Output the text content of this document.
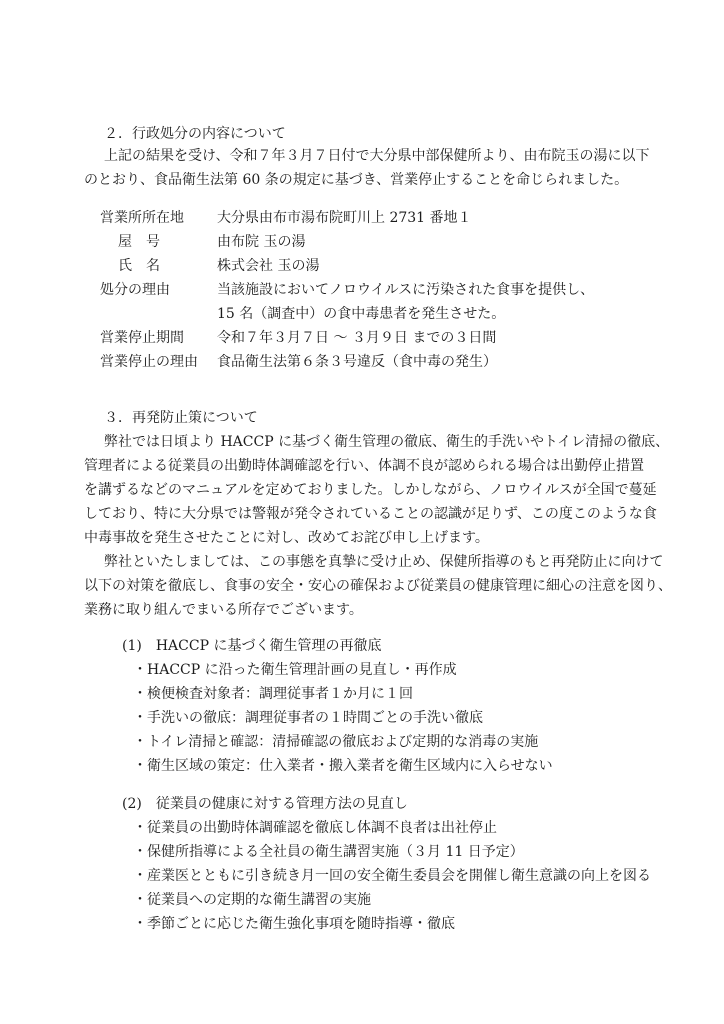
２．行政処分の内容について
上記の結果を受け、令和７年３月７日付で大分県中部保健所より、由布院玉の湯に以下
のとおり、食品衛生法第 60 条の規定に基づき、営業停止することを命じられました。
営業所所在地 大分県由布市湯布院町川上 2731 番地１
屋　号	由布院 玉の湯
氏　名	株式会社 玉の湯
処分の理由	当該施設においてノロウイルスに汚染された食事を提供し、
15 名（調査中）の食中毒患者を発生させた。
営業停止期間 令和７年３月７日 〜 ３月９日 までの３日間
営業停止の理由 食品衛生法第６条３号違反（食中毒の発生）
３．再発防止策について
弊社では日頃より HACCP に基づく衛生管理の徹底、衛生的手洗いやトイレ清掃の徹底、
管理者による従業員の出勤時体調確認を行い、体調不良が認められる場合は出勤停止措置
を講ずるなどのマニュアルを定めておりました。しかしながら、ノロウイルスが全国で蔓延
しており、特に大分県では警報が発令されていることの認識が足りず、この度このような食
中毒事故を発生させたことに対し、改めてお詫び申し上げます。
弊社といたしましては、この事態を真摯に受け止め、保健所指導のもと再発防止に向けて
以下の対策を徹底し、食事の安全・安心の確保および従業員の健康管理に細心の注意を図り、
業務に取り組んでまいる所存でございます。
(1)　HACCP に基づく衛生管理の再徹底
・HACCP に沿った衛生管理計画の見直し・再作成
・検便検査対象者：調理従事者１か月に１回
・手洗いの徹底：調理従事者の１時間ごとの手洗い徹底
・トイレ清掃と確認：清掃確認の徹底および定期的な消毒の実施
・衛生区域の策定：仕入業者・搬入業者を衛生区域内に入らせない
(2)　従業員の健康に対する管理方法の見直し
・従業員の出勤時体調確認を徹底し体調不良者は出社停止
・保健所指導による全社員の衛生講習実施（３月 11 日予定）
・産業医とともに引き続き月一回の安全衛生委員会を開催し衛生意識の向上を図る
・従業員への定期的な衛生講習の実施
・季節ごとに応じた衛生強化事項を随時指導・徹底
